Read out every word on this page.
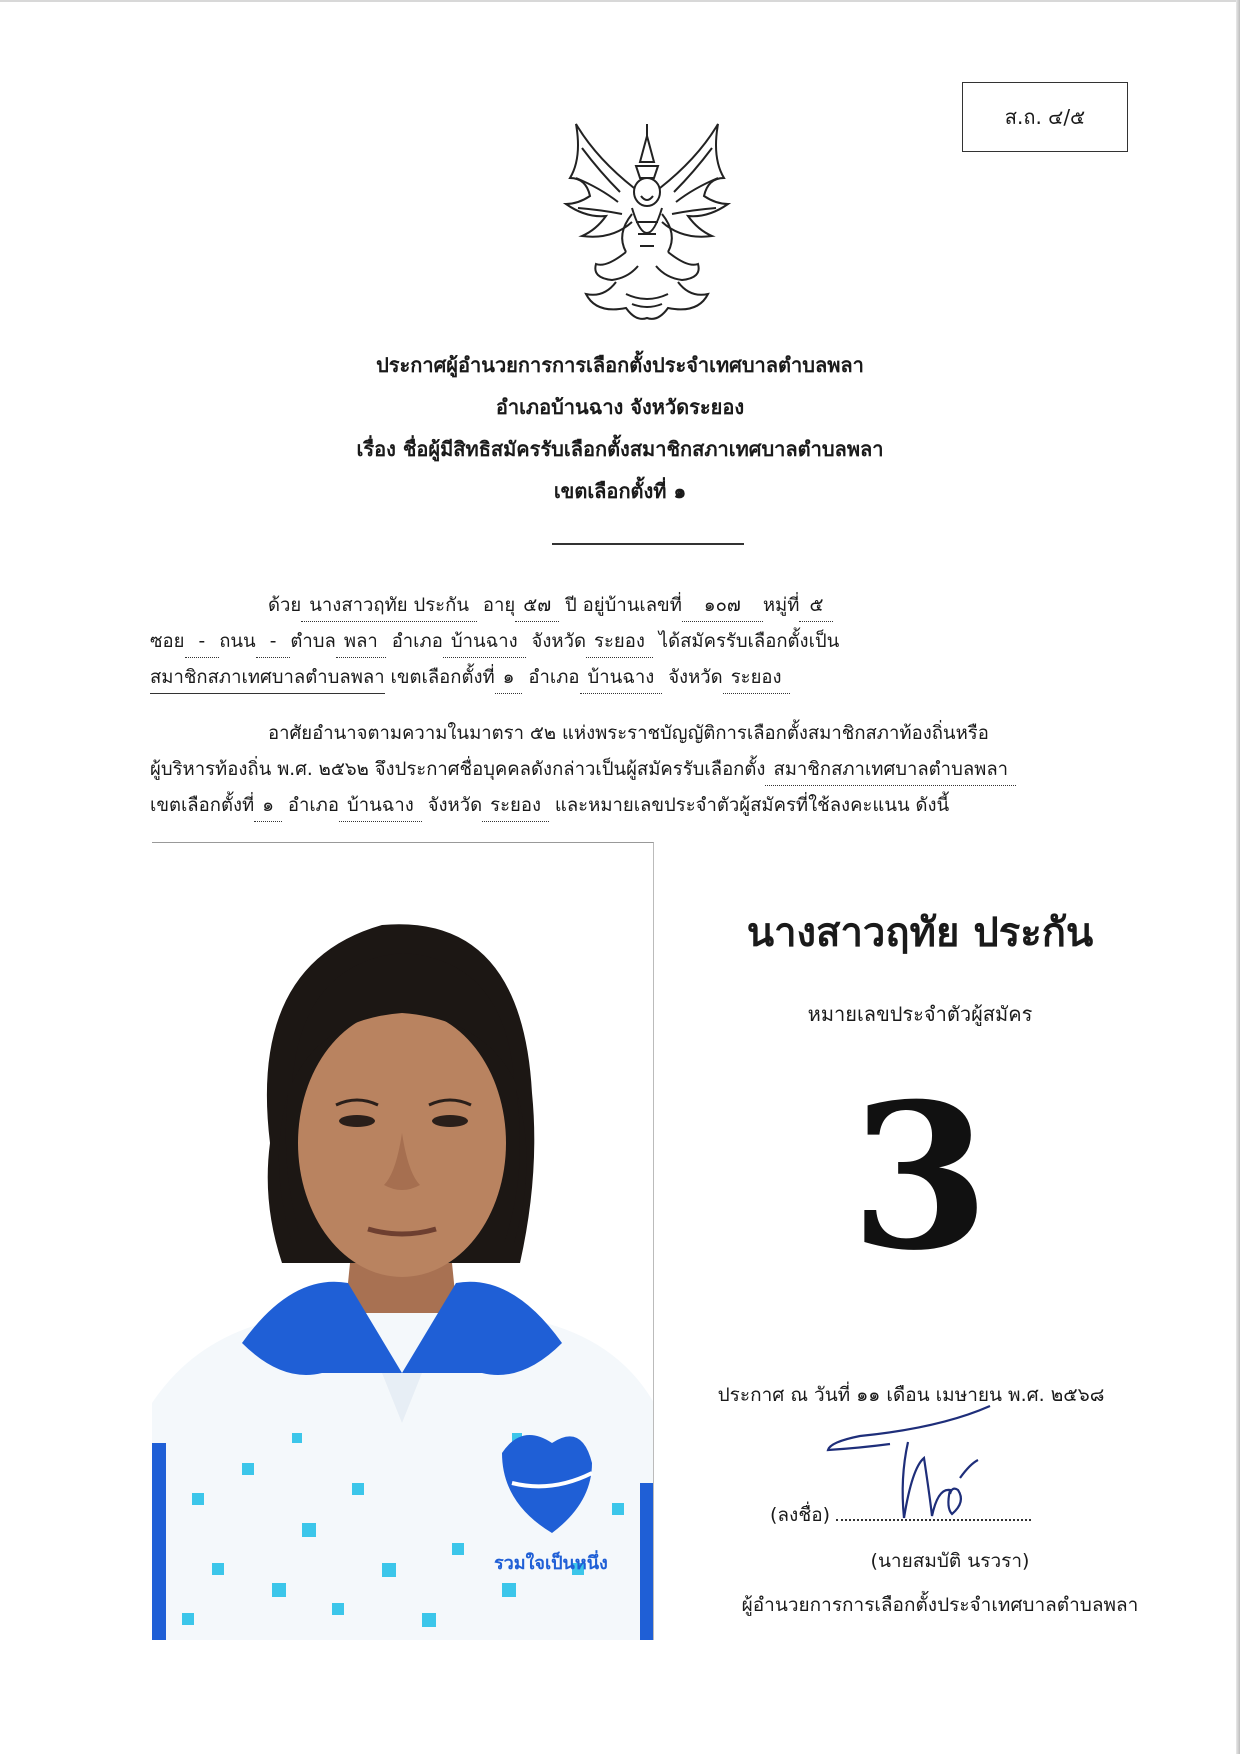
ส.ถ. ๔/๕
ประกาศผู้อำนวยการการเลือกตั้งประจำเทศบาลตำบลพลา
อำเภอบ้านฉาง จังหวัดระยอง
เรื่อง ชื่อผู้มีสิทธิสมัครรับเลือกตั้งสมาชิกสภาเทศบาลตำบลพลา
เขตเลือกตั้งที่ ๑
ด้วย นางสาวฤทัย ประกัน อายุ ๕๗ ปี อยู่บ้านเลขที่ ๑๐๗ หมู่ที่ ๕
ซอย - ถนน - ตำบล พลา อำเภอ บ้านฉาง จังหวัด ระยอง ได้สมัครรับเลือกตั้งเป็น
สมาชิกสภาเทศบาลตำบลพลา เขตเลือกตั้งที่ ๑ อำเภอ บ้านฉาง จังหวัด ระยอง
อาศัยอำนาจตามความในมาตรา ๕๒ แห่งพระราชบัญญัติการเลือกตั้งสมาชิกสภาท้องถิ่นหรือ
ผู้บริหารท้องถิ่น พ.ศ. ๒๕๖๒ จึงประกาศชื่อบุคคลดังกล่าวเป็นผู้สมัครรับเลือกตั้ง สมาชิกสภาเทศบาลตำบลพลา
เขตเลือกตั้งที่ ๑ อำเภอ บ้านฉาง จังหวัด ระยอง และหมายเลขประจำตัวผู้สมัครที่ใช้ลงคะแนน ดังนี้
รวมใจเป็นหนึ่ง
นางสาวฤทัย ประกัน
หมายเลขประจำตัวผู้สมัคร
3
ประกาศ ณ วันที่ ๑๑ เดือน เมษายน พ.ศ. ๒๕๖๘
(ลงชื่อ)
(นายสมบัติ นรวรา)
ผู้อำนวยการการเลือกตั้งประจำเทศบาลตำบลพลา
